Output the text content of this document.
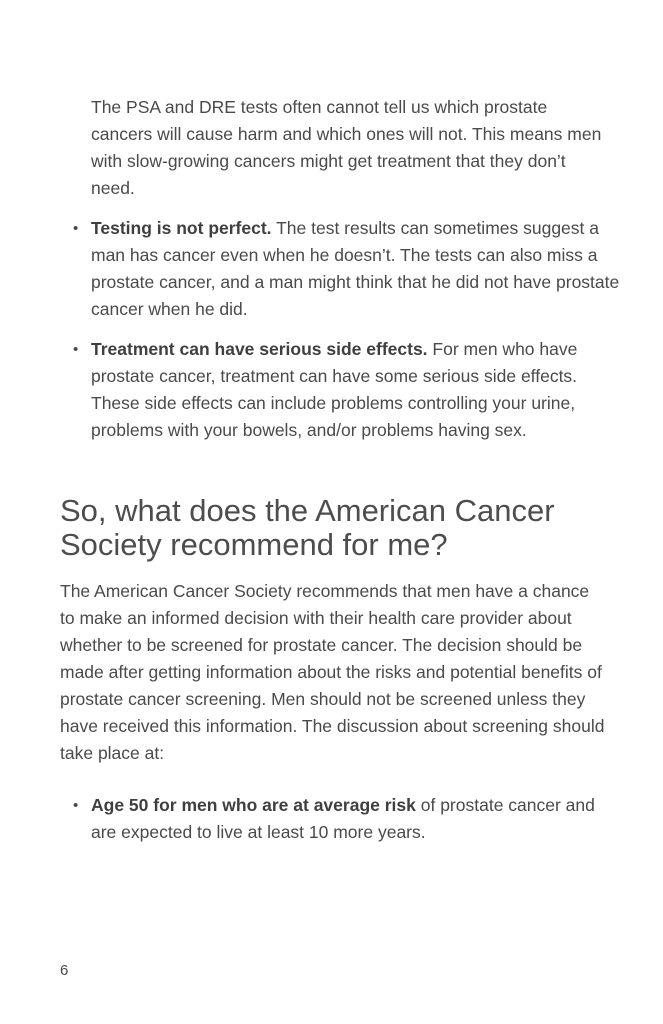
The PSA and DRE tests often cannot tell us which prostate cancers will cause harm and which ones will not. This means men with slow-growing cancers might get treatment that they don’t need.

• Testing is not perfect. The test results can sometimes suggest a man has cancer even when he doesn’t. The tests can also miss a prostate cancer, and a man might think that he did not have prostate cancer when he did.
• Treatment can have serious side effects. For men who have prostate cancer, treatment can have some serious side effects. These side effects can include problems controlling your urine, problems with your bowels, and/or problems having sex.
So, what does the American Cancer Society recommend for me?

The American Cancer Society recommends that men have a chance to make an informed decision with their health care provider about whether to be screened for prostate cancer. The decision should be made after getting information about the risks and potential benefits of prostate cancer screening. Men should not be screened unless they have received this information. The discussion about screening should take place at:

• Age 50 for men who are at average risk of prostate cancer and are expected to live at least 10 more years.
6
